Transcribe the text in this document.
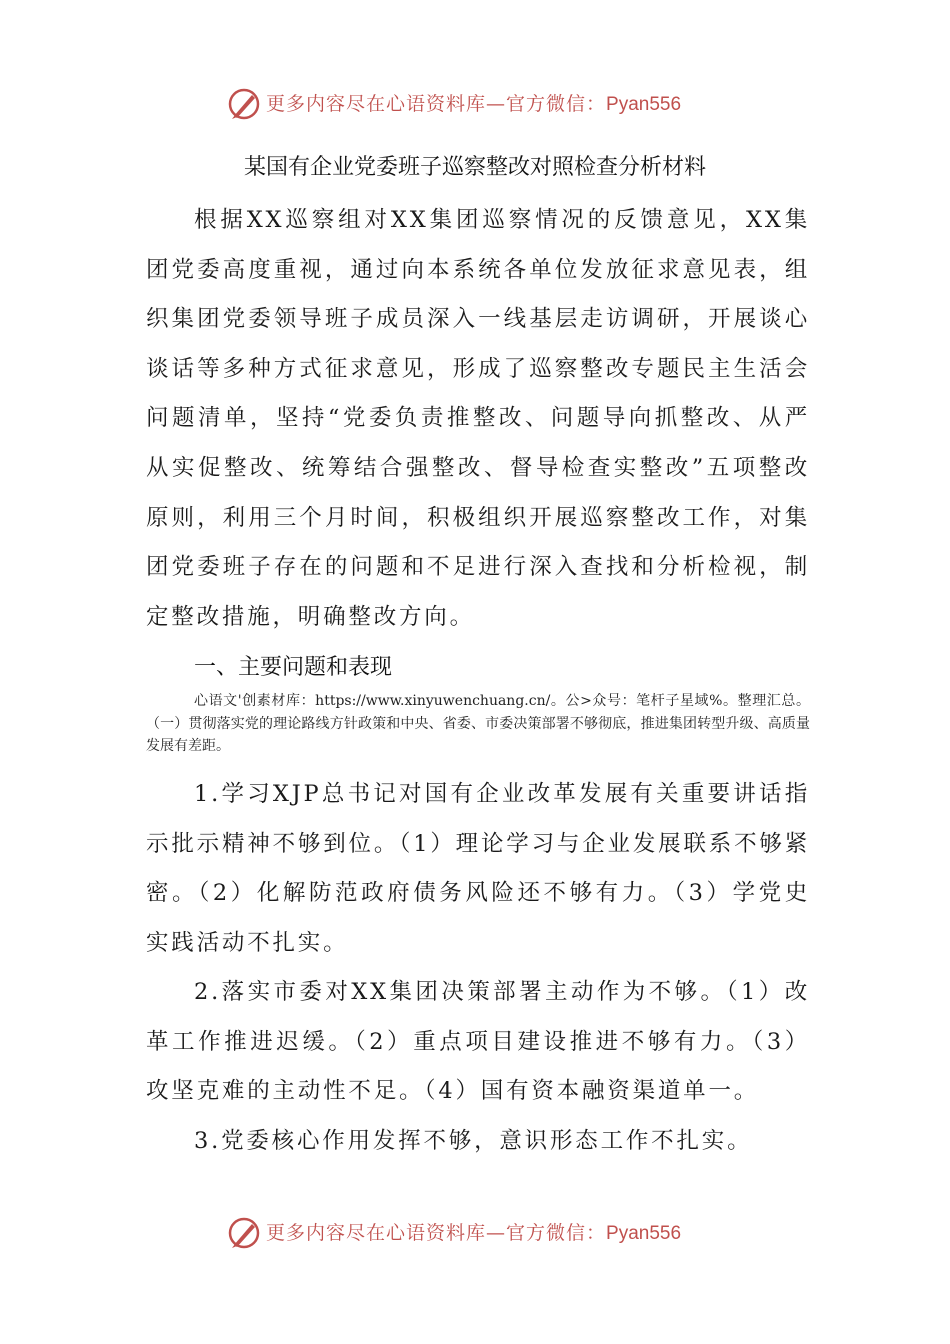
更多内容尽在心语资料库—官方微信：Pyan556
某国有企业党委班子巡察整改对照检查分析材料

根据XX巡察组对XX集团巡察情况的反馈意见，XX集团党委高度重视，通过向本系统各单位发放征求意见表，组织集团党委领导班子成员深入一线基层走访调研，开展谈心谈话等多种方式征求意见，形成了巡察整改专题民主生活会问题清单，坚持“党委负责推整改、问题导向抓整改、从严从实促整改、统筹结合强整改、督导检查实整改”五项整改原则，利用三个月时间，积极组织开展巡察整改工作，对集团党委班子存在的问题和不足进行深入查找和分析检视，制定整改措施，明确整改方向。

一、主要问题和表现

心语文'创素材库：https://www.xinyuwenchuang.cn/。公>众号：笔杆子星域%。整理汇总。（一）贯彻落实党的理论路线方针政策和中央、省委、市委决策部署不够彻底，推进集团转型升级、高质量发展有差距。

1.学习XJP总书记对国有企业改革发展有关重要讲话指示批示精神不够到位。（1）理论学习与企业发展联系不够紧密。（2）化解防范政府债务风险还不够有力。（3）学党史实践活动不扎实。

2.落实市委对XX集团决策部署主动作为不够。（1）改革工作推进迟缓。（2）重点项目建设推进不够有力。（3）攻坚克难的主动性不足。（4）国有资本融资渠道单一。

3.党委核心作用发挥不够，意识形态工作不扎实。

更多内容尽在心语资料库—官方微信：Pyan556
